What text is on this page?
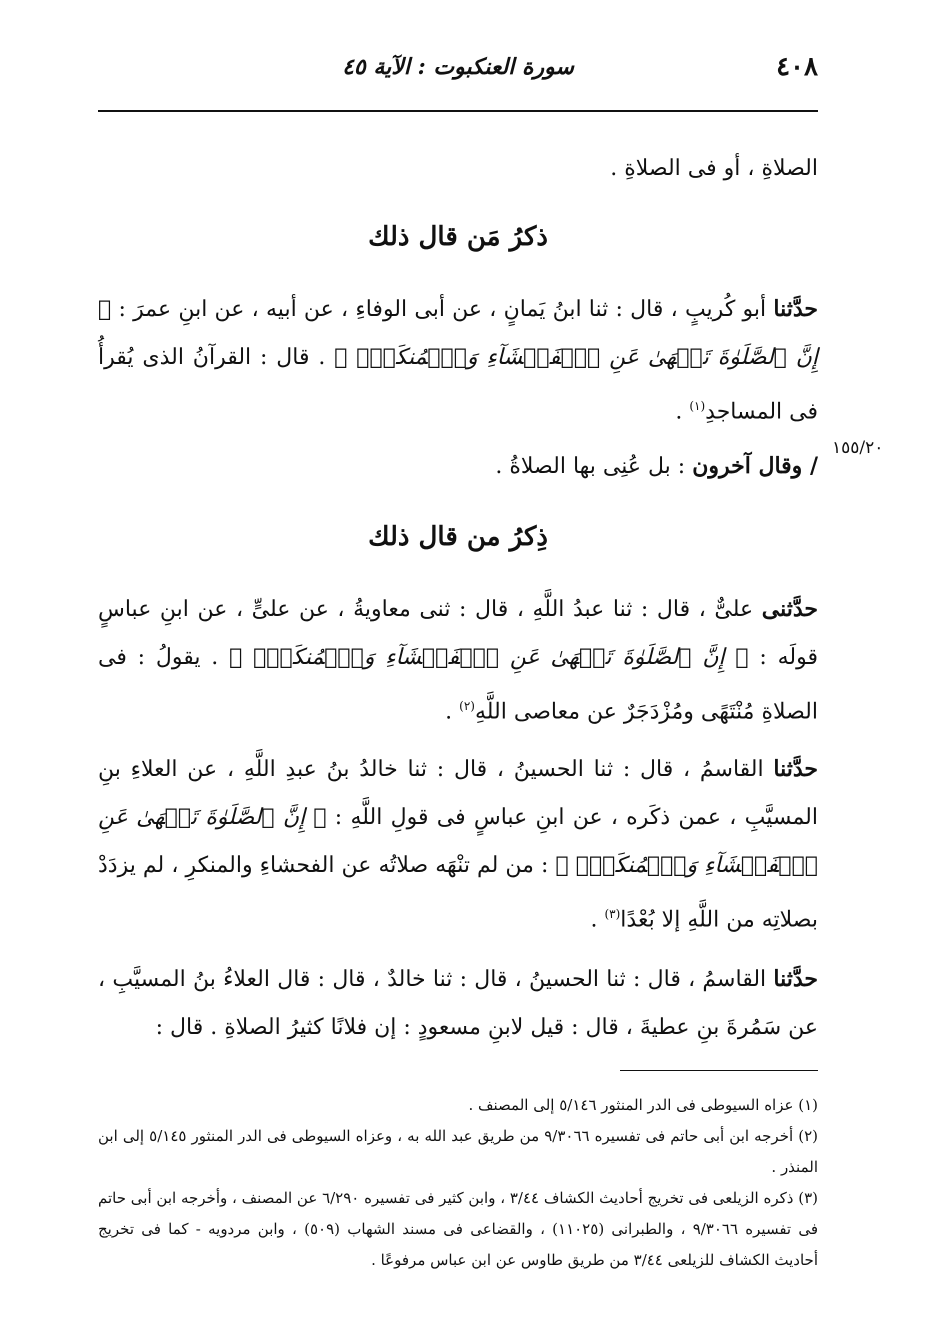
٤٠٨
سورة العنكبوت : الآية ٤٥
الصلاةِ ، أو فى الصلاةِ .
ذكرُ مَن قال ذلك
حدَّثنا أبو كُريبٍ ، قال : ثنا ابنُ يَمانٍ ، عن أبى الوفاءِ ، عن أبيه ، عن ابنِ عمرَ : ﴿ إِنَّ ٱلصَّلَوٰةَ تَنۡهَىٰ عَنِ ٱلۡفَحۡشَآءِ وَٱلۡمُنكَرِۗ ﴾ . قال : القرآنُ الذى يُقرأُ فى المساجدِ$^{(١)}$ .
١٥٥/٢٠
/ وقال آخرون : بل عُنِى بها الصلاةُ .
ذِكرُ من قال ذلك
حدَّثنى علىٌّ ، قال : ثنا عبدُ اللَّهِ ، قال : ثنى معاويةُ ، عن علىٍّ ، عن ابنِ عباسٍ قولَه : ﴿ إِنَّ ٱلصَّلَوٰةَ تَنۡهَىٰ عَنِ ٱلۡفَحۡشَآءِ وَٱلۡمُنكَرِۗ ﴾ . يقولُ : فى الصلاةِ مُنْتَهًى ومُزْدَجَرٌ عن معاصى اللَّهِ$^{(٢)}$ .
حدَّثنا القاسمُ ، قال : ثنا الحسينُ ، قال : ثنا خالدُ بنُ عبدِ اللَّهِ ، عن العلاءِ بنِ المسيَّبِ ، عمن ذكَره ، عن ابنِ عباسٍ فى قولِ اللَّهِ : ﴿ إِنَّ ٱلصَّلَوٰةَ تَنۡهَىٰ عَنِ ٱلۡفَحۡشَآءِ وَٱلۡمُنكَرِۗ ﴾ : من لم تنْهَه صلاتُه عن الفحشاءِ والمنكرِ ، لم يزدَدْ بصلاتِه من اللَّهِ إلا بُعْدًا$^{(٣)}$ .
حدَّثنا القاسمُ ، قال : ثنا الحسينُ ، قال : ثنا خالدٌ ، قال : قال العلاءُ بنُ المسيَّبِ ، عن سَمُرةَ بنِ عطيةَ ، قال : قيل لابنِ مسعودٍ : إن فلانًا كثيرُ الصلاةِ . قال :

(١) عزاه السيوطى فى الدر المنثور ٥/١٤٦ إلى المصنف .

(٢) أخرجه ابن أبى حاتم فى تفسيره ٩/٣٠٦٦ من طريق عبد الله به ، وعزاه السيوطى فى الدر المنثور ٥/١٤٥ إلى ابن المنذر .

(٣) ذكره الزيلعى فى تخريج أحاديث الكشاف ٣/٤٤ ، وابن كثير فى تفسيره ٦/٢٩٠ عن المصنف ، وأخرجه ابن أبى حاتم فى تفسيره ٩/٣٠٦٦ ، والطبرانى (١١٠٢٥) ، والقضاعى فى مسند الشهاب (٥٠٩) ، وابن مردويه - كما فى تخريج أحاديث الكشاف للزيلعى ٣/٤٤ من طريق طاوس عن ابن عباس مرفوعًا .
